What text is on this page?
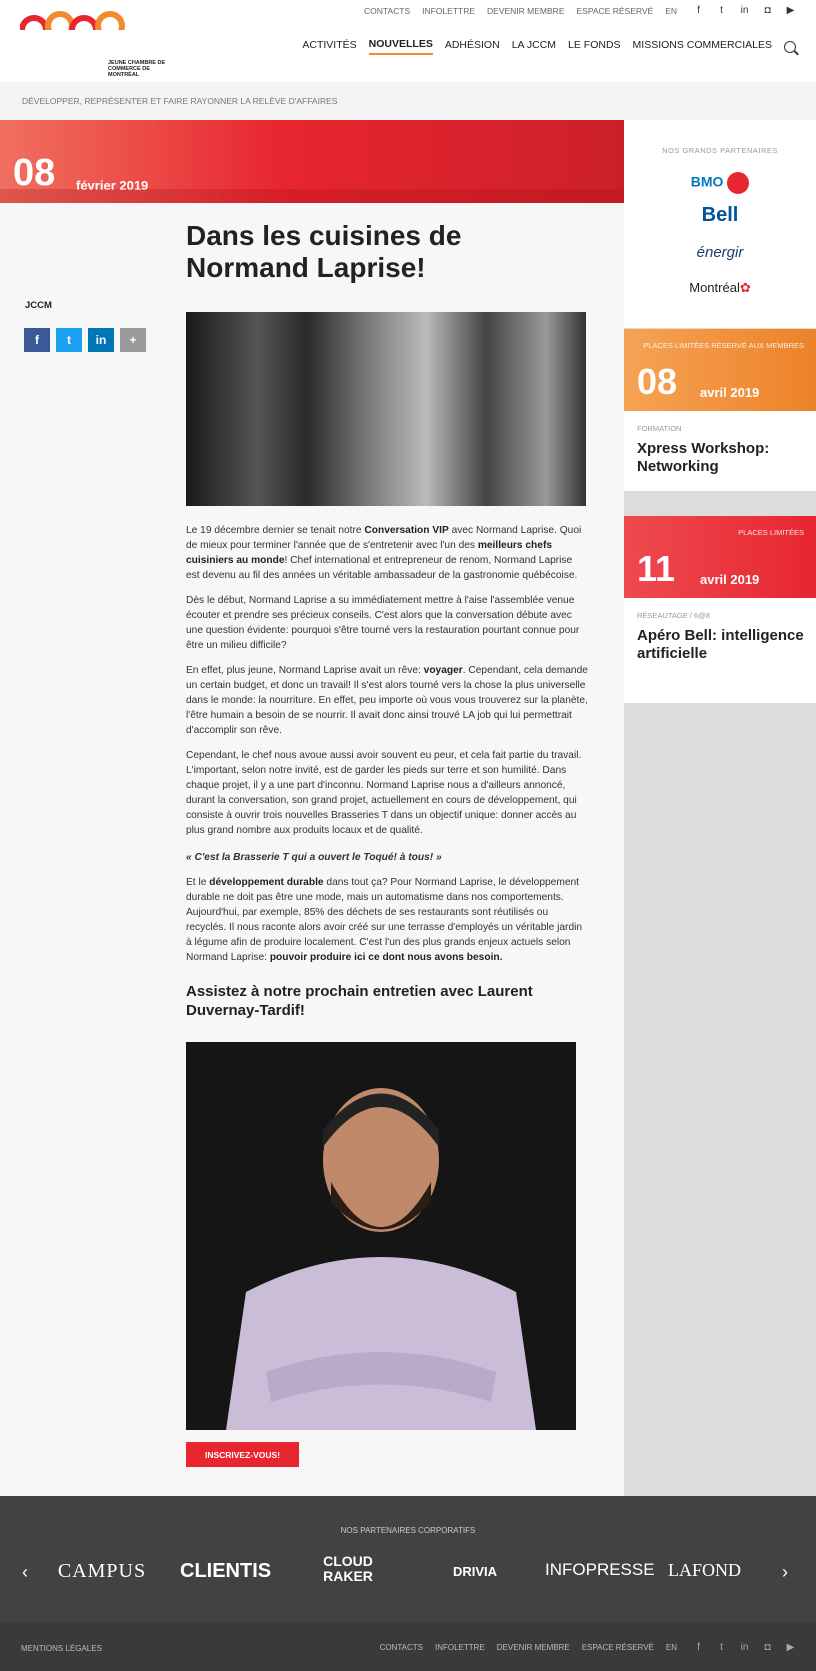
JEUNE CHAMBRE DE COMMERCE DE MONTRÉAL
CONTACTS INFOLETTRE DEVENIR MEMBRE ESPACE RÉSERVÉ EN	f	t	in ◘ ▶
ACTIVITÉS NOUVELLES ADHÉSION LA JCCM LE FONDS MISSIONS COMMERCIALES
DÉVELOPPER, REPRÉSENTER ET FAIRE RAYONNER LA RELÈVE D'AFFAIRES
08 février 2019
JCCM
f	t	in	+
Dans les cuisines de Normand Laprise!
Le 19 décembre dernier se tenait notre Conversation VIP avec Normand Laprise. Quoi de mieux pour terminer l'année que de s'entretenir avec l'un des meilleurs chefs cuisiniers au monde! Chef international et entrepreneur de renom, Normand Laprise est devenu au fil des années un véritable ambassadeur de la gastronomie québécoise.
Dès le début, Normand Laprise a su immédiatement mettre à l'aise l'assemblée venue écouter et prendre ses précieux conseils. C'est alors que la conversation débute avec une question évidente: pourquoi s'être tourné vers la restauration pourtant connue pour être un milieu difficile?
En effet, plus jeune, Normand Laprise avait un rêve: voyager. Cependant, cela demande un certain budget, et donc un travail! Il s'est alors tourné vers la chose la plus universelle dans le monde: la nourriture. En effet, peu importe où vous vous trouverez sur la planète, l'être humain a besoin de se nourrir. Il avait donc ainsi trouvé LA job qui lui permettrait d'accomplir son rêve.
Cependant, le chef nous avoue aussi avoir souvent eu peur, et cela fait partie du travail. L'important, selon notre invité, est de garder les pieds sur terre et son humilité. Dans chaque projet, il y a une part d'inconnu. Normand Laprise nous a d'ailleurs annoncé, durant la conversation, son grand projet, actuellement en cours de développement, qui consiste à ouvrir trois nouvelles Brasseries T dans un objectif unique: donner accès au plus grand nombre aux produits locaux et de qualité.
« C'est la Brasserie T qui a ouvert le Toqué! à tous! »
Et le développement durable dans tout ça? Pour Normand Laprise, le développement durable ne doit pas être une mode, mais un automatisme dans nos comportements. Aujourd'hui, par exemple, 85% des déchets de ses restaurants sont réutilisés ou recyclés. Il nous raconte alors avoir créé sur une terrasse d'employés un véritable jardin à légume afin de produire localement. C'est l'un des plus grands enjeux actuels selon Normand Laprise: pouvoir produire ici ce dont nous avons besoin.
Assistez à notre prochain entretien avec Laurent Duvernay-Tardif!
INSCRIVEZ-VOUS!
NOS GRANDS PARTENAIRES
BMO
Bell
énergir
Montréal✿
PLACES LIMITÉES RÉSERVÉ AUX MEMBRES
08 avril 2019
FORMATION
Xpress Workshop: Networking
PLACES LIMITÉES
11 avril 2019
RÉSEAUTAGE / 6@8
Apéro Bell: intelligence artificielle
NOS PARTENAIRES CORPORATIFS
‹ CAMPUS CLIENTIS	CLOUD RAKER	DRIVIA	INFOPRESSE LAFOND ›
MENTIONS LÉGALES	CONTACTS INFOLETTRE DEVENIR MEMBRE ESPACE RÉSERVÉ EN	f	t	in ◘ ▶
